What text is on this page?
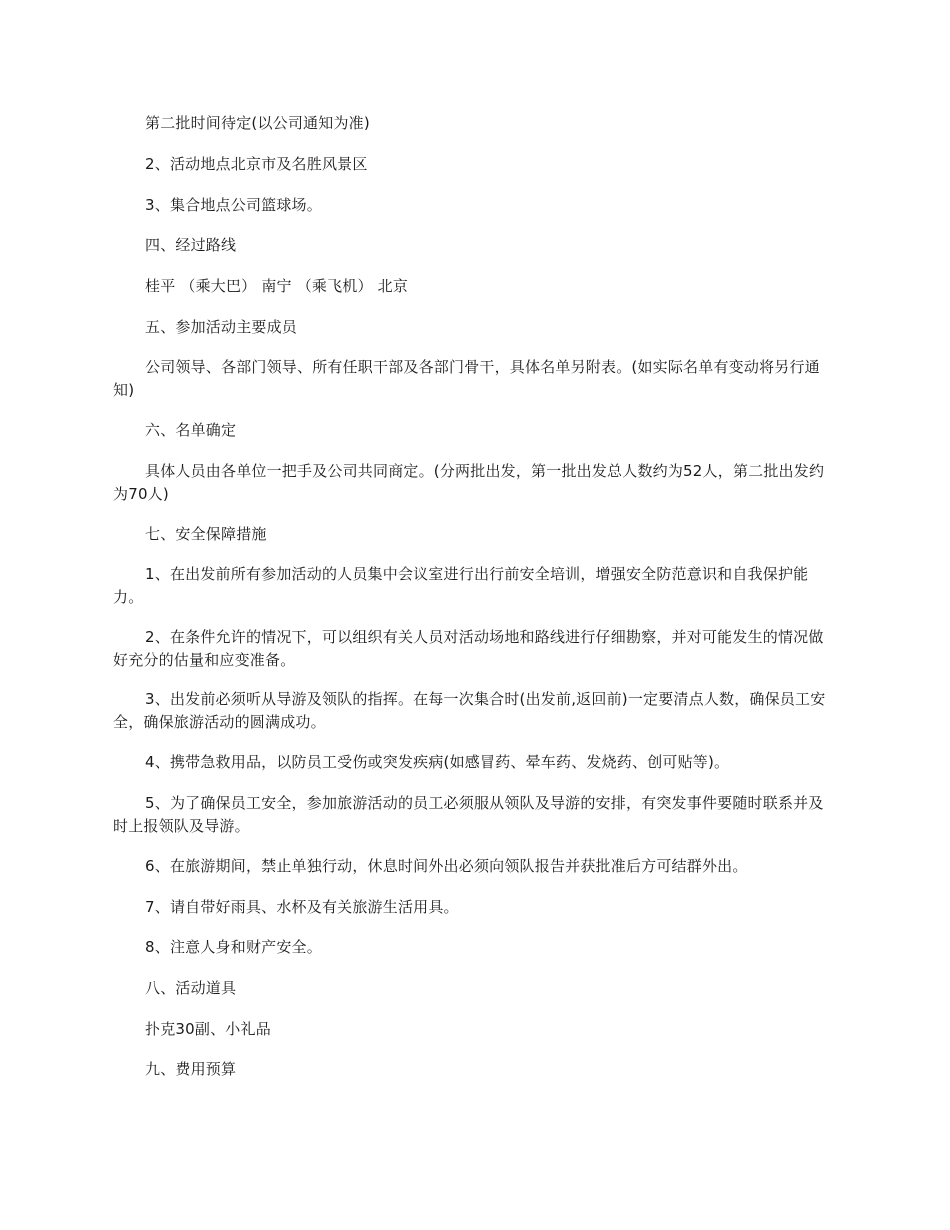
第二批时间待定(以公司通知为准)

2、活动地点北京市及名胜风景区

3、集合地点公司篮球场。

四、经过路线

桂平 （乘大巴） 南宁 （乘飞机） 北京

五、参加活动主要成员

公司领导、各部门领导、所有任职干部及各部门骨干，具体名单另附表。(如实际名单有变动将另行通知)

六、名单确定

具体人员由各单位一把手及公司共同商定。(分两批出发，第一批出发总人数约为52人，第二批出发约为70人)

七、安全保障措施

1、在出发前所有参加活动的人员集中会议室进行出行前安全培训，增强安全防范意识和自我保护能力。

2、在条件允许的情况下，可以组织有关人员对活动场地和路线进行仔细勘察，并对可能发生的情况做好充分的估量和应变准备。

3、出发前必须听从导游及领队的指挥。在每一次集合时(出发前,返回前)一定要清点人数，确保员工安全，确保旅游活动的圆满成功。

4、携带急救用品，以防员工受伤或突发疾病(如感冒药、晕车药、发烧药、创可贴等)。

5、为了确保员工安全，参加旅游活动的员工必须服从领队及导游的安排，有突发事件要随时联系并及时上报领队及导游。

6、在旅游期间，禁止单独行动，休息时间外出必须向领队报告并获批准后方可结群外出。

7、请自带好雨具、水杯及有关旅游生活用具。

8、注意人身和财产安全。

八、活动道具

扑克30副、小礼品

九、费用预算
